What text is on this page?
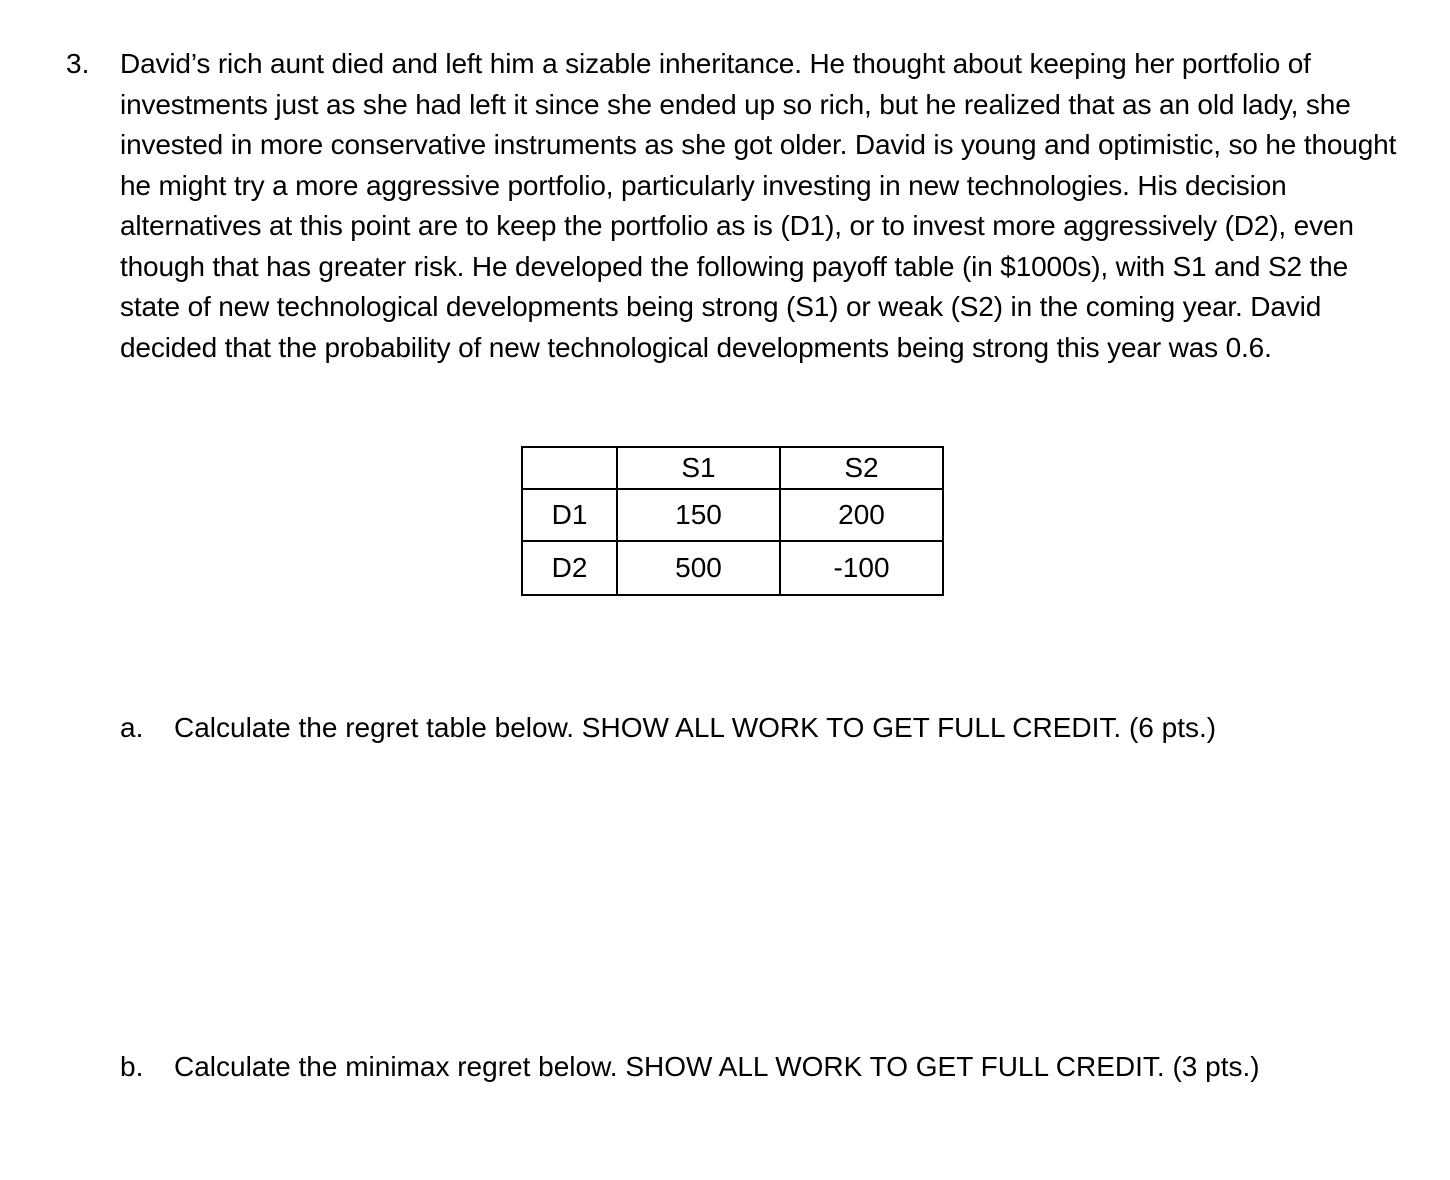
3. David’s rich aunt died and left him a sizable inheritance. He thought about keeping her portfolio of investments just as she had left it since she ended up so rich, but he realized that as an old lady, she invested in more conservative instruments as she got older. David is young and optimistic, so he thought he might try a more aggressive portfolio, particularly investing in new technologies. His decision alternatives at this point are to keep the portfolio as is (D1), or to invest more aggressively (D2), even though that has greater risk. He developed the following payoff table (in $1000s), with S1 and S2 the state of new technological developments being strong (S1) or weak (S2) in the coming year. David decided that the probability of new technological developments being strong this year was 0.6.
	S1	S2
D1	150	200
D2	500	-100
a. Calculate the regret table below. SHOW ALL WORK TO GET FULL CREDIT. (6 pts.)
b. Calculate the minimax regret below. SHOW ALL WORK TO GET FULL CREDIT. (3 pts.)
